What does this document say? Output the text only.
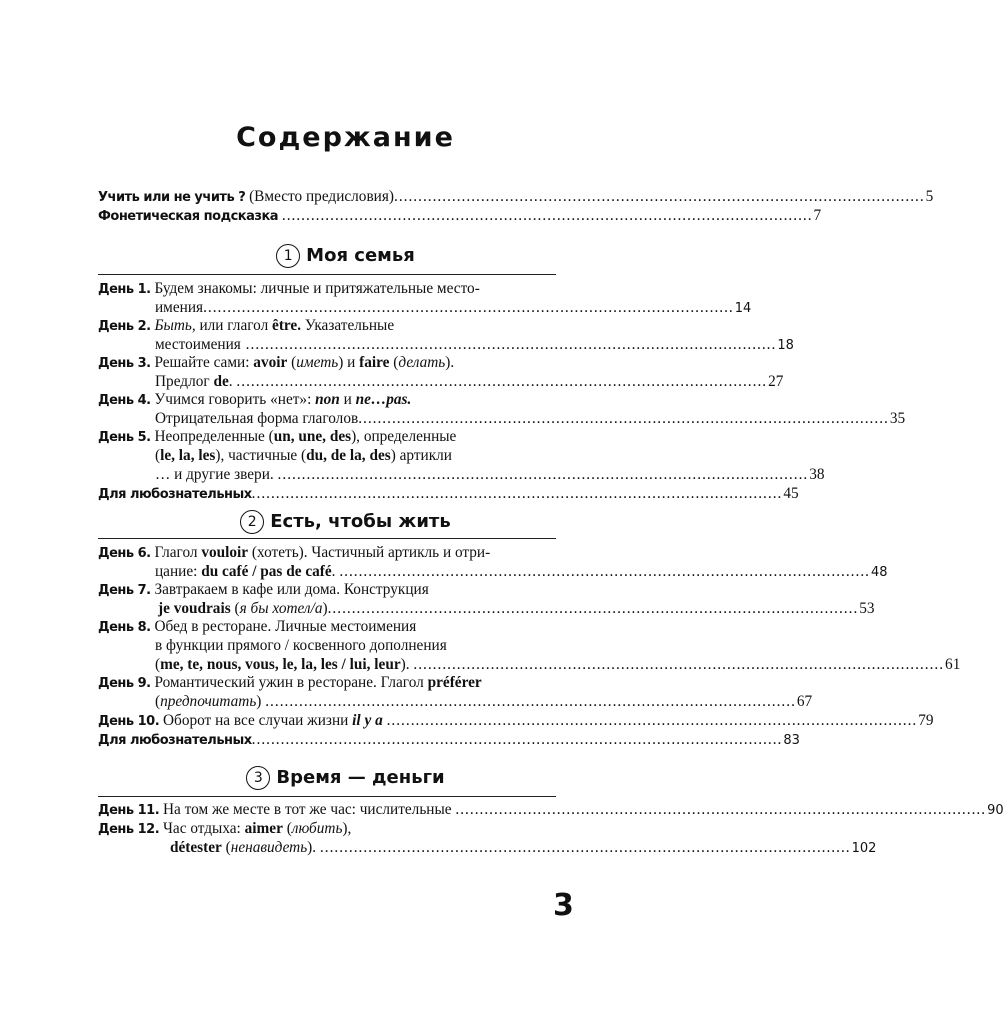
Содержание
Учить или не учить ? (Вместо предисловия) .............................................................................................................. 5
Фонетическая подсказка .............................................................................................................. 7
1 Моя семья
День 1. Будем знакомы: личные и притяжательные место-
имения .............................................................................................................. 14
День 2. Быть, или глагол être. Указательные
местоимения .............................................................................................................. 18
День 3. Решайте сами: avoir (иметь) и faire (делать).
Предлог de. .............................................................................................................. 27
День 4. Учимся говорить «нет»: non и ne…pas.
Отрицательная форма глаголов .............................................................................................................. 35
День 5. Неопределенные (un, une, des), определенные
(le, la, les), частичные (du, de la, des) артикли
… и другие звери. .............................................................................................................. 38
Для любознательных .............................................................................................................. 45
2 Есть, чтобы жить
День 6. Глагол vouloir (хотеть). Частичный артикль и отри-
цание: du café / pas de café. .............................................................................................................. 48
День 7. Завтракаем в кафе или дома. Конструкция
je voudrais (я бы хотел/а) .............................................................................................................. 53
День 8. Обед в ресторане. Личные местоимения
в функции прямого / косвенного дополнения
(me, te, nous, vous, le, la, les / lui, leur). .............................................................................................................. 61
День 9. Романтический ужин в ресторане. Глагол préférer
(предпочитать) .............................................................................................................. 67
День 10. Оборот на все случаи жизни il y a .............................................................................................................. 79
Для любознательных .............................................................................................................. 83
3 Время — деньги
День 11. На том же месте в тот же час: числительные .............................................................................................................. 90
День 12. Час отдыха: aimer (любить),
détester (ненавидеть). .............................................................................................................. 102
3
